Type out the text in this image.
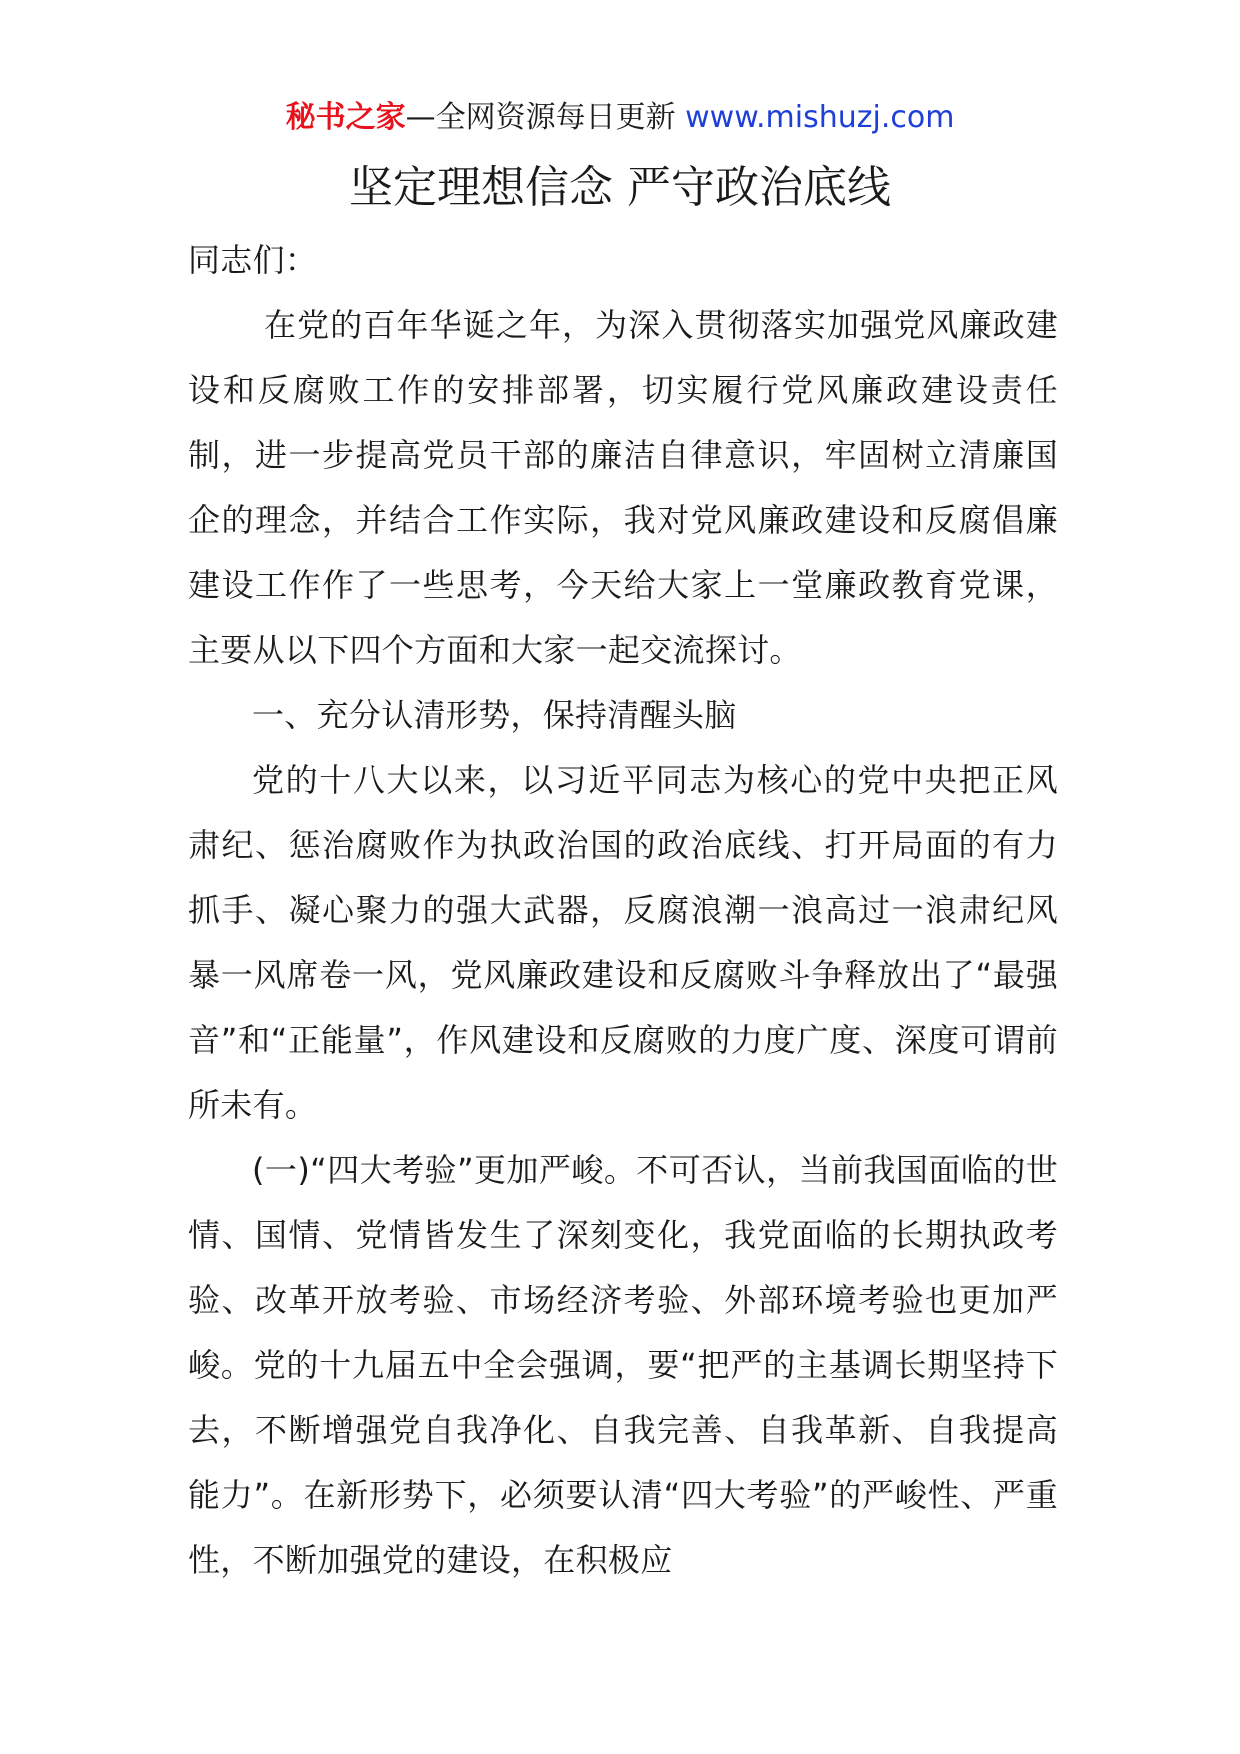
秘书之家—全网资源每日更新 www.mishuzj.com
坚定理想信念 严守政治底线

同志们：

在党的百年华诞之年，为深入贯彻落实加强党风廉政建设和反腐败工作的安排部署，切实履行党风廉政建设责任制，进一步提高党员干部的廉洁自律意识，牢固树立清廉国企的理念，并结合工作实际，我对党风廉政建设和反腐倡廉建设工作作了一些思考，今天给大家上一堂廉政教育党课，主要从以下四个方面和大家一起交流探讨。

一、充分认清形势，保持清醒头脑

党的十八大以来，以习近平同志为核心的党中央把正风肃纪、惩治腐败作为执政治国的政治底线、打开局面的有力抓手、凝心聚力的强大武器，反腐浪潮一浪高过一浪肃纪风暴一风席卷一风，党风廉政建设和反腐败斗争释放出了“最强音”和“正能量”，作风建设和反腐败的力度广度、深度可谓前所未有。

(一)“四大考验”更加严峻。不可否认，当前我国面临的世情、国情、党情皆发生了深刻变化，我党面临的长期执政考验、改革开放考验、市场经济考验、外部环境考验也更加严峻。党的十九届五中全会强调，要“把严的主基调长期坚持下去，不断增强党自我净化、自我完善、自我革新、自我提高能力”。在新形势下，必须要认清“四大考验”的严峻性、严重性，不断加强党的建设，在积极应
